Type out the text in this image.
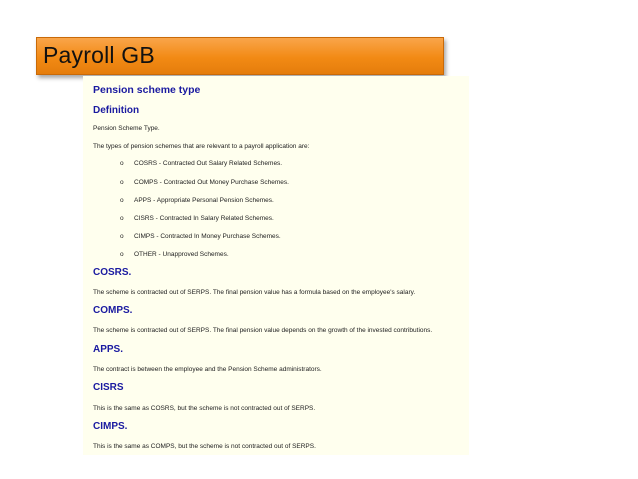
Payroll GB
Pension scheme type
Definition
Pension Scheme Type.
The types of pension schemes that are relevant to a payroll application are:
o COSRS - Contracted Out Salary Related Schemes.
o COMPS - Contracted Out Money Purchase Schemes.
o APPS - Appropriate Personal Pension Schemes.
o CISRS - Contracted In Salary Related Schemes.
o CIMPS - Contracted In Money Purchase Schemes.
o OTHER - Unapproved Schemes.
COSRS.
The scheme is contracted out of SERPS. The final pension value has a formula based on the employee's salary.
COMPS.
The scheme is contracted out of SERPS. The final pension value depends on the growth of the invested contributions.
APPS.
The contract is between the employee and the Pension Scheme administrators.
CISRS
This is the same as COSRS, but the scheme is not contracted out of SERPS.
CIMPS.
This is the same as COMPS, but the scheme is not contracted out of SERPS.
